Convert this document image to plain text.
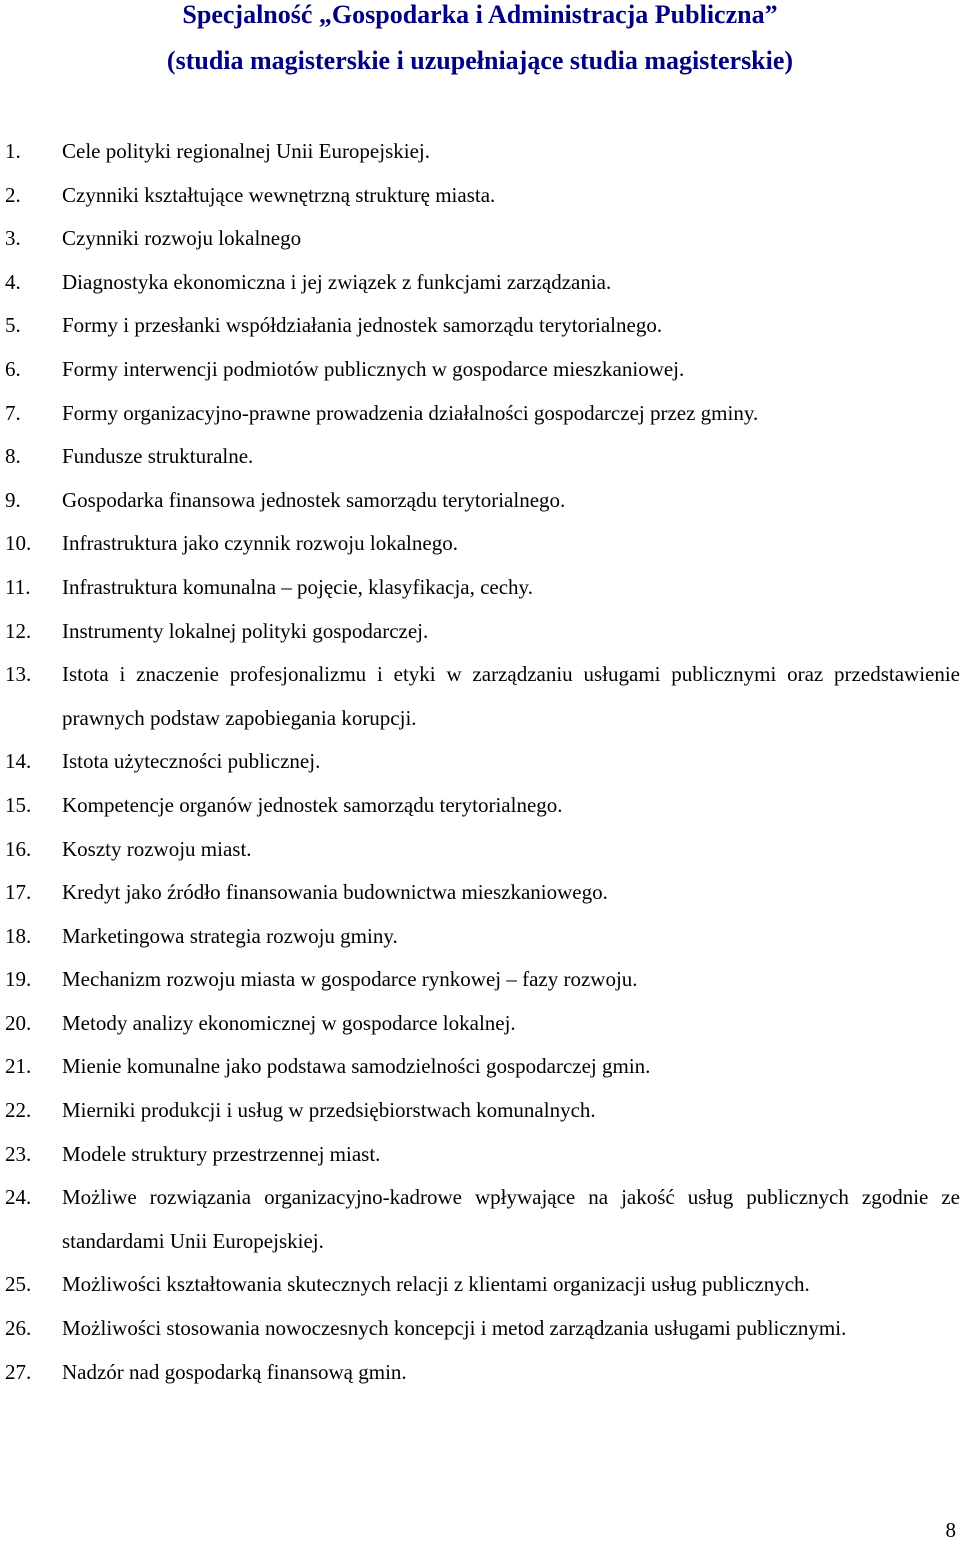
Specjalność „Gospodarka i Administracja Publiczna”
(studia magisterskie i uzupełniające studia magisterskie)
1.	Cele polityki regionalnej Unii Europejskiej.
2.	Czynniki kształtujące wewnętrzną strukturę miasta.
3.	Czynniki rozwoju lokalnego
4.	Diagnostyka ekonomiczna i jej związek z funkcjami zarządzania.
5.	Formy i przesłanki współdziałania jednostek samorządu terytorialnego.
6.	Formy interwencji podmiotów publicznych w gospodarce mieszkaniowej.
7.	Formy organizacyjno-prawne prowadzenia działalności gospodarczej przez gminy.
8.	Fundusze strukturalne.
9.	Gospodarka finansowa jednostek samorządu terytorialnego.
10.	Infrastruktura jako czynnik rozwoju lokalnego.
11.	Infrastruktura komunalna – pojęcie, klasyfikacja, cechy.
12.	Instrumenty lokalnej polityki gospodarczej.
13.	Istota i znaczenie profesjonalizmu i etyki w zarządzaniu usługami publicznymi oraz przedstawienie prawnych podstaw zapobiegania korupcji.
14.	Istota użyteczności publicznej.
15.	Kompetencje organów jednostek samorządu terytorialnego.
16.	Koszty rozwoju miast.
17.	Kredyt jako źródło finansowania budownictwa mieszkaniowego.
18.	Marketingowa strategia rozwoju gminy.
19.	Mechanizm rozwoju miasta w gospodarce rynkowej – fazy rozwoju.
20.	Metody analizy ekonomicznej w gospodarce lokalnej.
21.	Mienie komunalne jako podstawa samodzielności gospodarczej gmin.
22.	Mierniki produkcji i usług w przedsiębiorstwach komunalnych.
23.	Modele struktury przestrzennej miast.
24.	Możliwe rozwiązania organizacyjno-kadrowe wpływające na jakość usług publicznych zgodnie ze standardami Unii Europejskiej.
25.	Możliwości kształtowania skutecznych relacji z klientami organizacji usług publicznych.
26.	Możliwości stosowania nowoczesnych koncepcji i metod zarządzania usługami publicznymi.
27.	Nadzór nad gospodarką finansową gmin.
8
